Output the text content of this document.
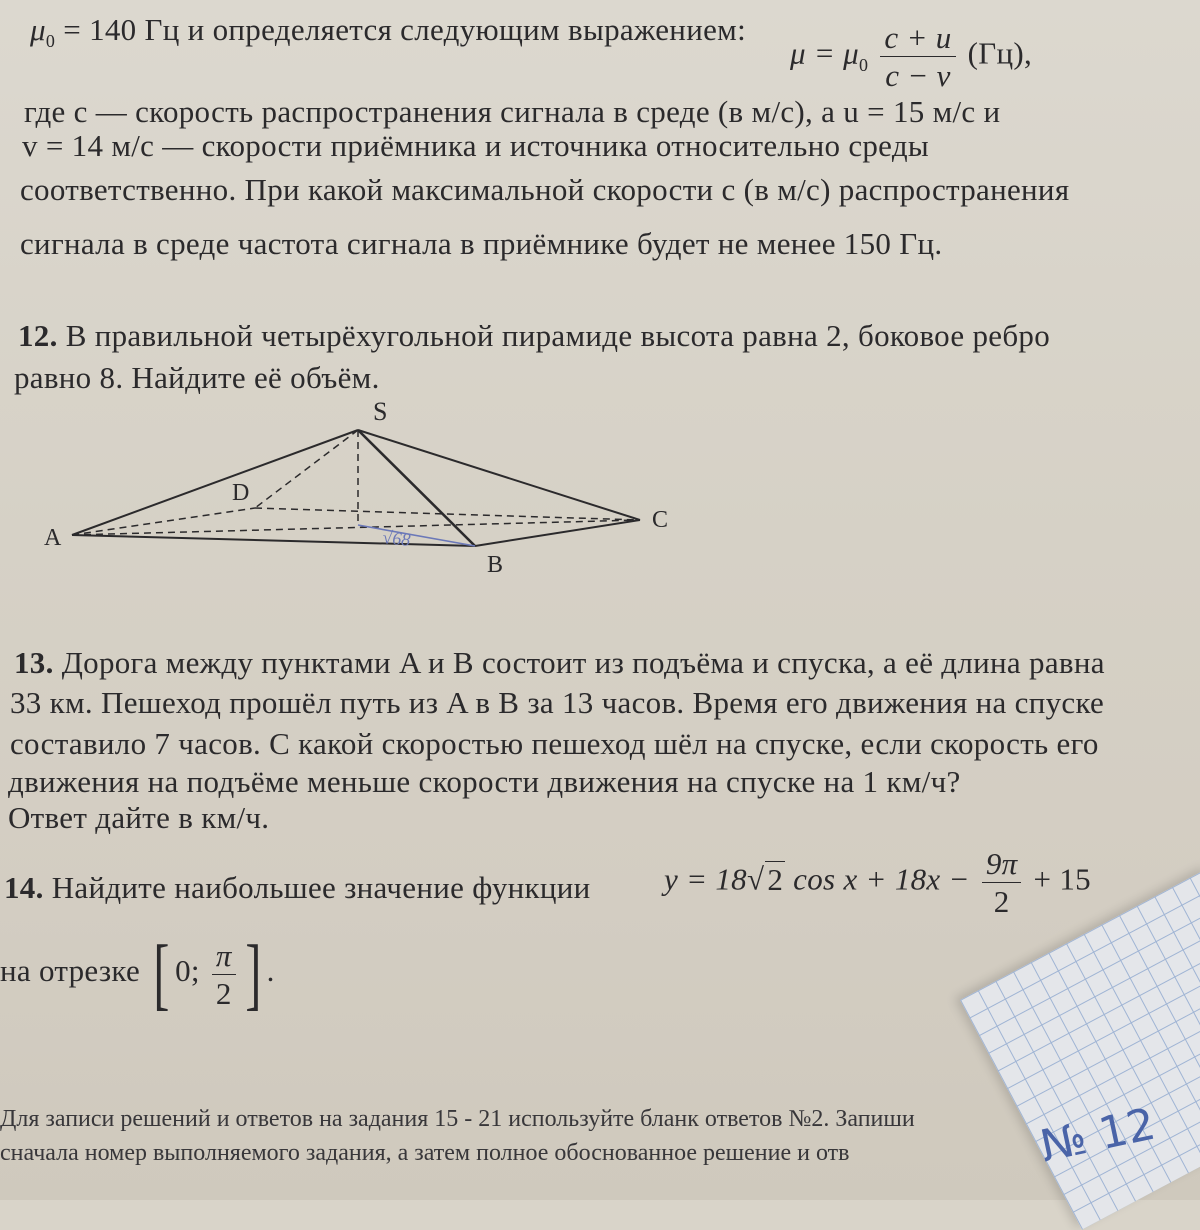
$\mu_0 = 140$ Гц и определяется следующим выражением:
$\mu = \mu_0 \frac{c + u}{c - v} (Гц)$,
где c — скорость распространения сигнала в среде (в м/с), а u = 15 м/с и
v = 14 м/с — скорости приёмника и источника относительно среды
соответственно. При какой максимальной скорости c (в м/с) распространения
сигнала в среде частота сигнала в приёмнике будет не менее 150 Гц.
12. В правильной четырёхугольной пирамиде высота равна 2, боковое ребро
равно 8. Найдите её объём.
S
D
A
B
C
√68
13. Дорога между пунктами A и B состоит из подъёма и спуска, а её длина равна
33 км. Пешеход прошёл путь из A в B за 13 часов. Время его движения на спуске
составило 7 часов. С какой скоростью пешеход шёл на спуске, если скорость его
движения на подъёме меньше скорости движения на спуске на 1 км/ч?
Ответ дайте в км/ч.
14. Найдите наибольшее значение функции y = 18√2 $\cos x + 18x - \frac{9\pi}{2} + 15$
на отрезке [ 0; $\frac{\pi}{2}$ ] .
Для записи решений и ответов на задания 15 - 21 используйте бланк ответов №2. Запиши
сначала номер выполняемого задания, а затем полное обоснованное решение и отв	№ 12
